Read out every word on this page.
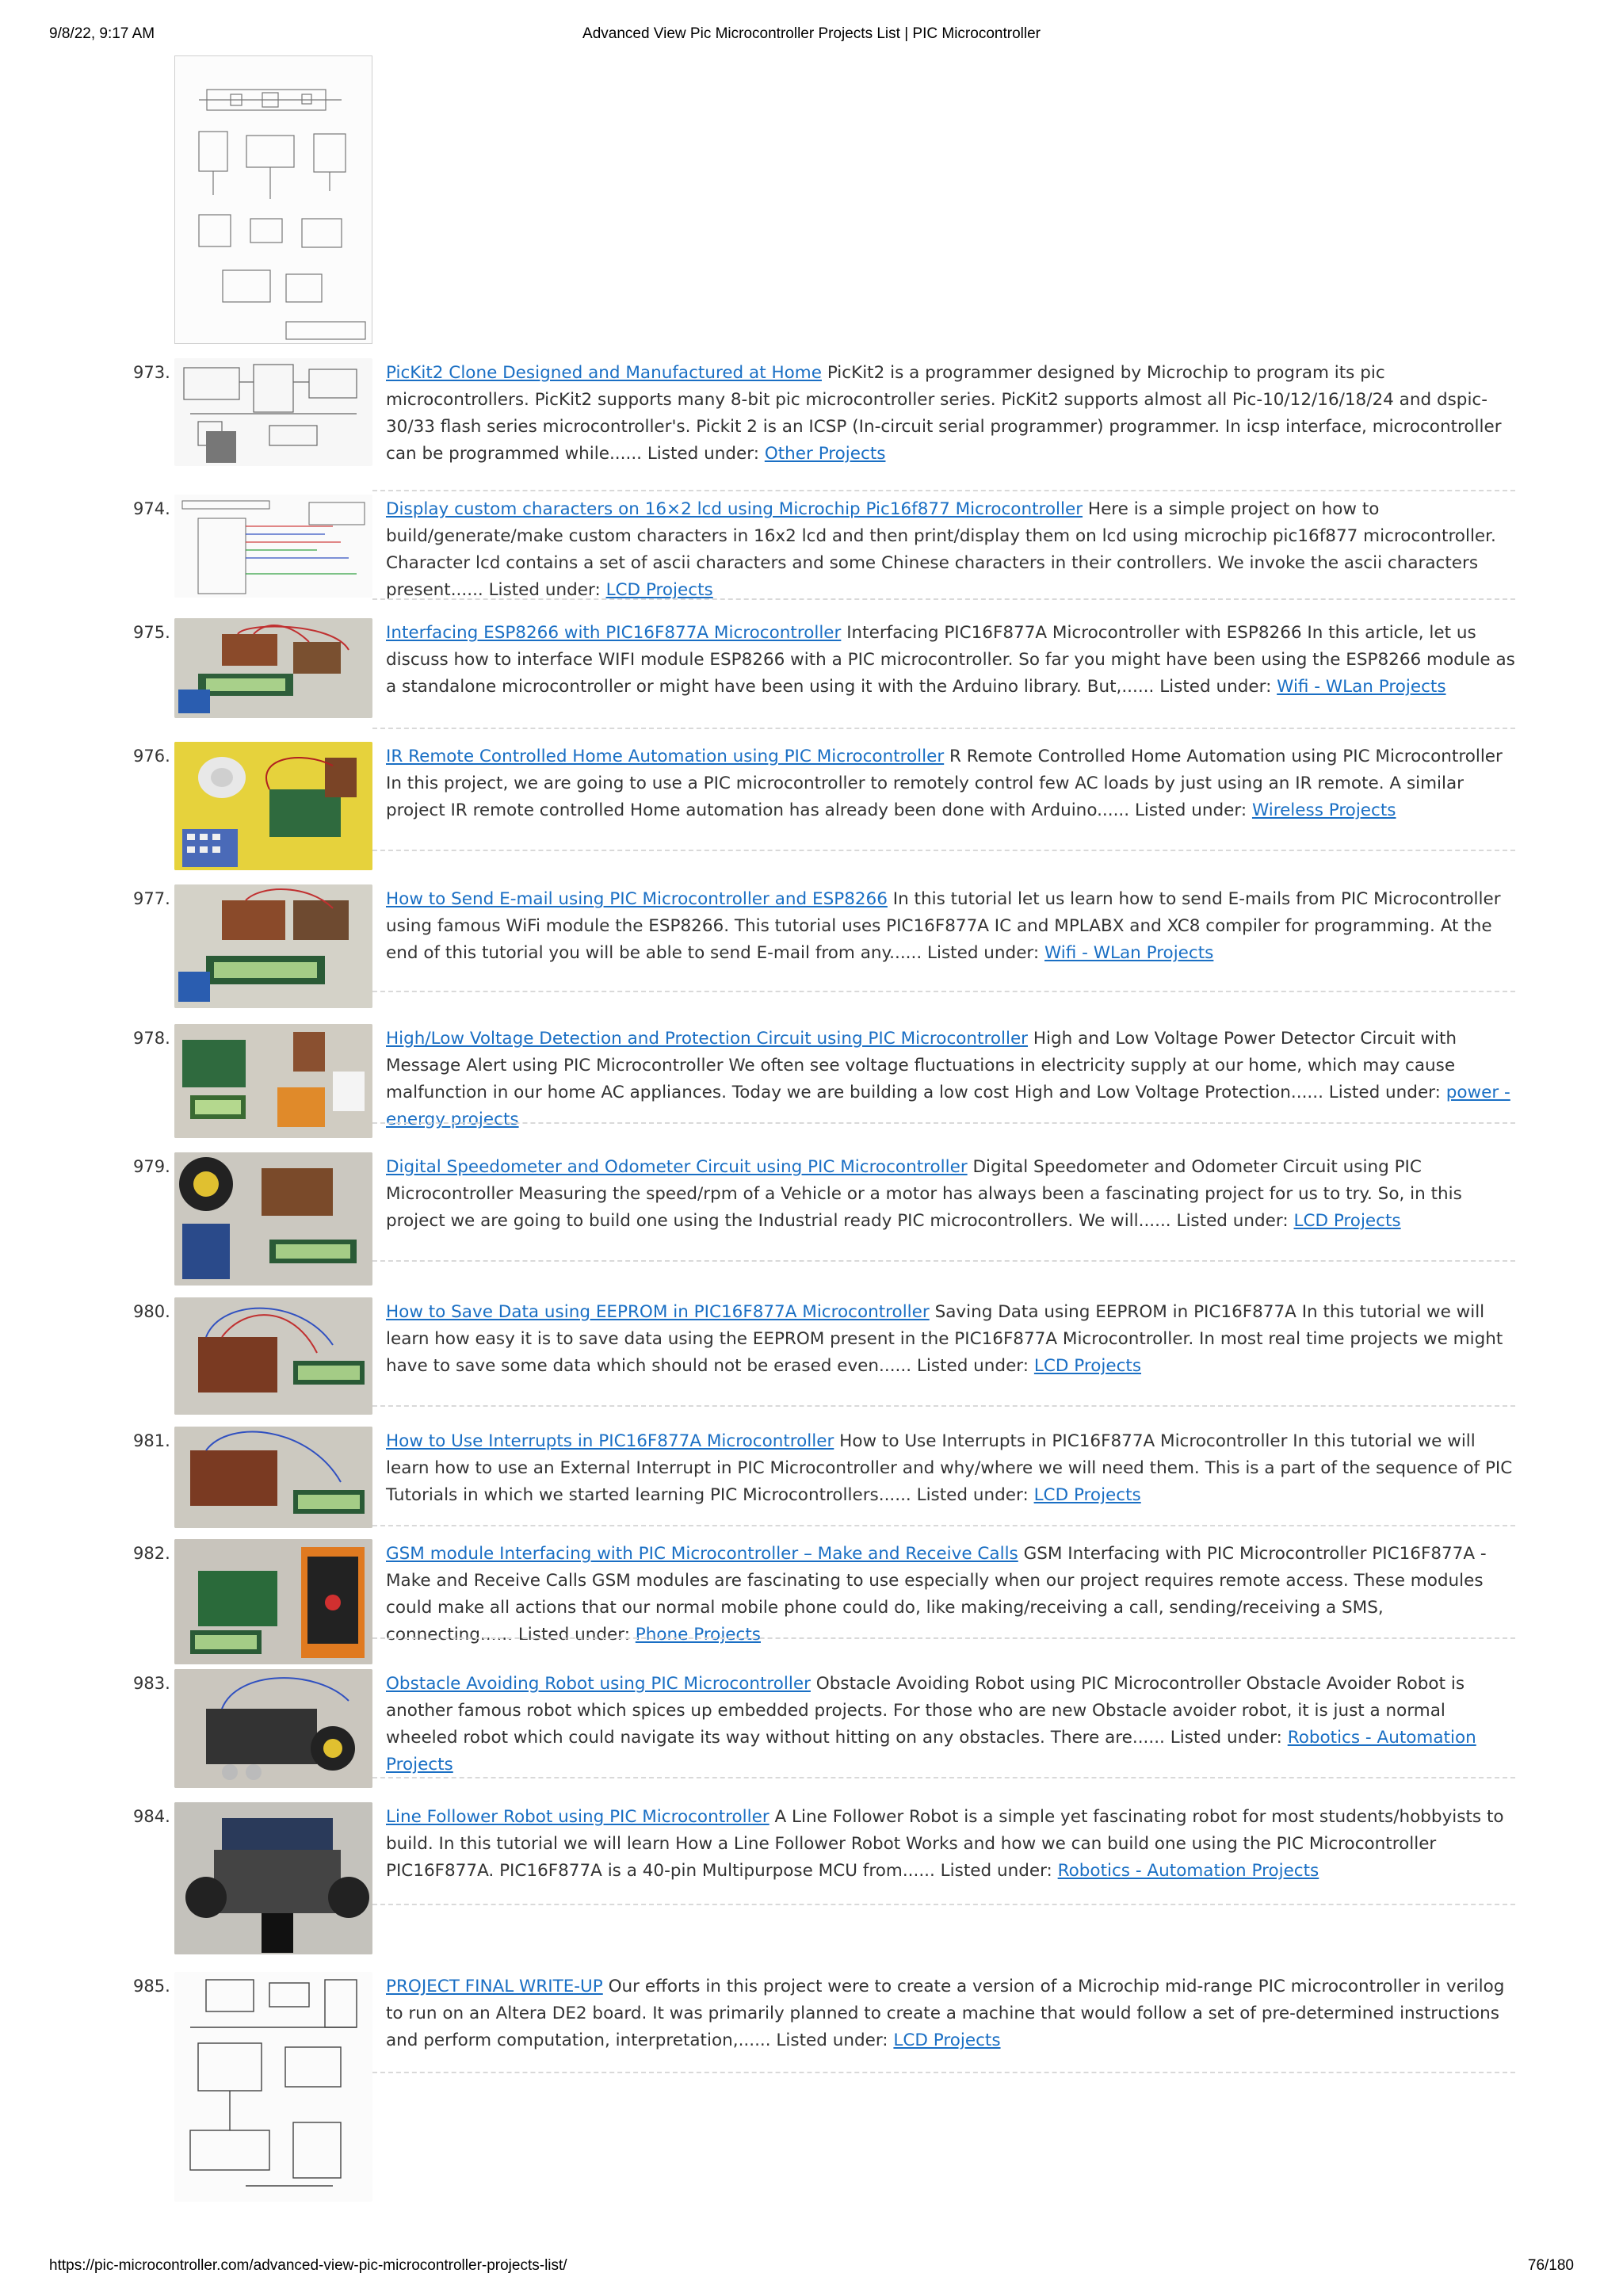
9/8/22, 9:17 AM	Advanced View Pic Microcontroller Projects List | PIC Microcontroller
973.	PicKit2 Clone Designed and Manufactured at Home PicKit2 is a programmer designed by Microchip to program its pic microcontrollers. PicKit2 supports many 8-bit pic microcontroller series. PicKit2 supports almost all Pic-10/12/16/18/24 and dspic-30/33 flash series microcontroller's. Pickit 2 is an ICSP (In-circuit serial programmer) programmer. In icsp interface, microcontroller can be programmed while...... Listed under: Other Projects
974.	Display custom characters on 16×2 lcd using Microchip Pic16f877 Microcontroller Here is a simple project on how to build/generate/make custom characters in 16x2 lcd and then print/display them on lcd using microchip pic16f877 microcontroller. Character lcd contains a set of ascii characters and some Chinese characters in their controllers. We invoke the ascii characters present...... Listed under: LCD Projects
975.	Interfacing ESP8266 with PIC16F877A Microcontroller Interfacing PIC16F877A Microcontroller with ESP8266 In this article, let us discuss how to interface WIFI module ESP8266 with a PIC microcontroller. So far you might have been using the ESP8266 module as a standalone microcontroller or might have been using it with the Arduino library. But,...... Listed under: Wifi - WLan Projects
976.	IR Remote Controlled Home Automation using PIC Microcontroller R Remote Controlled Home Automation using PIC Microcontroller In this project, we are going to use a PIC microcontroller to remotely control few AC loads by just using an IR remote. A similar project IR remote controlled Home automation has already been done with Arduino...... Listed under: Wireless Projects
977.	How to Send E-mail using PIC Microcontroller and ESP8266 In this tutorial let us learn how to send E-mails from PIC Microcontroller using famous WiFi module the ESP8266. This tutorial uses PIC16F877A IC and MPLABX and XC8 compiler for programming. At the end of this tutorial you will be able to send E-mail from any...... Listed under: Wifi - WLan Projects
978.	High/Low Voltage Detection and Protection Circuit using PIC Microcontroller High and Low Voltage Power Detector Circuit with Message Alert using PIC Microcontroller We often see voltage fluctuations in electricity supply at our home, which may cause malfunction in our home AC appliances. Today we are building a low cost High and Low Voltage Protection...... Listed under: power - energy projects
979.	Digital Speedometer and Odometer Circuit using PIC Microcontroller Digital Speedometer and Odometer Circuit using PIC Microcontroller Measuring the speed/rpm of a Vehicle or a motor has always been a fascinating project for us to try. So, in this project we are going to build one using the Industrial ready PIC microcontrollers. We will...... Listed under: LCD Projects
980.	How to Save Data using EEPROM in PIC16F877A Microcontroller Saving Data using EEPROM in PIC16F877A In this tutorial we will learn how easy it is to save data using the EEPROM present in the PIC16F877A Microcontroller. In most real time projects we might have to save some data which should not be erased even...... Listed under: LCD Projects
981.	How to Use Interrupts in PIC16F877A Microcontroller How to Use Interrupts in PIC16F877A Microcontroller In this tutorial we will learn how to use an External Interrupt in PIC Microcontroller and why/where we will need them. This is a part of the sequence of PIC Tutorials in which we started learning PIC Microcontrollers...... Listed under: LCD Projects
982.	GSM module Interfacing with PIC Microcontroller – Make and Receive Calls GSM Interfacing with PIC Microcontroller PIC16F877A - Make and Receive Calls GSM modules are fascinating to use especially when our project requires remote access. These modules could make all actions that our normal mobile phone could do, like making/receiving a call, sending/receiving a SMS, connecting...... Listed under: Phone Projects
983.	Obstacle Avoiding Robot using PIC Microcontroller Obstacle Avoiding Robot using PIC Microcontroller Obstacle Avoider Robot is another famous robot which spices up embedded projects. For those who are new Obstacle avoider robot, it is just a normal wheeled robot which could navigate its way without hitting on any obstacles. There are...... Listed under: Robotics - Automation Projects
984.	Line Follower Robot using PIC Microcontroller A Line Follower Robot is a simple yet fascinating robot for most students/hobbyists to build. In this tutorial we will learn How a Line Follower Robot Works and how we can build one using the PIC Microcontroller PIC16F877A. PIC16F877A is a 40-pin Multipurpose MCU from...... Listed under: Robotics - Automation Projects
985.	PROJECT FINAL WRITE-UP Our efforts in this project were to create a version of a Microchip mid-range PIC microcontroller in verilog to run on an Altera DE2 board. It was primarily planned to create a machine that would follow a set of pre-determined instructions and perform computation, interpretation,...... Listed under: LCD Projects
https://pic-microcontroller.com/advanced-view-pic-microcontroller-projects-list/	76/180
